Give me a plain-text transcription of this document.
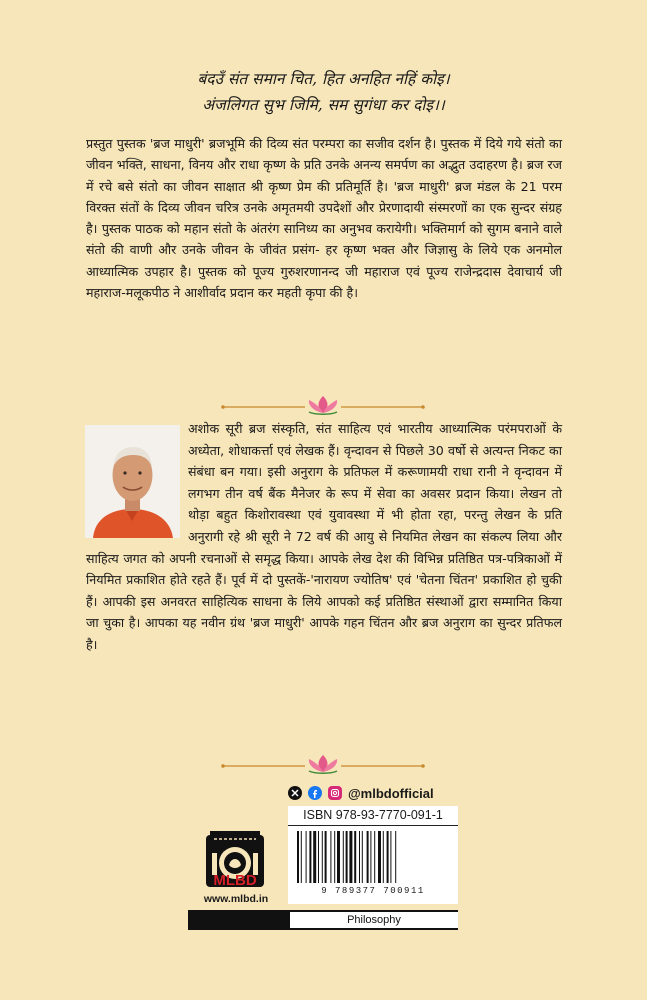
बंदउँ संत समान चित, हित अनहित नहिं कोइ।
अंजलिगत सुभ जिमि, सम सुगंधा कर दोइ।।
प्रस्तुत पुस्तक 'ब्रज माधुरी' ब्रजभूमि की दिव्य संत परम्परा का सजीव दर्शन है। पुस्तक में दिये गये संतो का जीवन भक्ति, साधना, विनय और राधा कृष्ण के प्रति उनके अनन्य समर्पण का अद्भुत उदाहरण है। ब्रज रज में रचे बसे संतो का जीवन साक्षात श्री कृष्ण प्रेम की प्रतिमूर्ति है। 'ब्रज माधुरी' ब्रज मंडल के 21 परम विरक्त संतों के दिव्य जीवन चरित्र उनके अमृतमयी उपदेशों और प्रेरणादायी संस्मरणों का एक सुन्दर संग्रह है। पुस्तक पाठक को महान संतो के अंतरंग सानिध्य का अनुभव करायेगी। भक्तिमार्ग को सुगम बनाने वाले संतो की वाणी और उनके जीवन के जीवंत प्रसंग- हर कृष्ण भक्त और जिज्ञासु के लिये एक अनमोल आध्यात्मिक उपहार है। पुस्तक को पूज्य गुरुशरणानन्द जी महाराज एवं पूज्य राजेन्द्रदास देवाचार्य जी महाराज-मलूकपीठ ने आशीर्वाद प्रदान कर महती कृपा की है।
अशोक सूरी ब्रज संस्कृति, संत साहित्य एवं भारतीय आध्यात्मिक परंमपराओं के अध्येता, शोधाकर्त्ता एवं लेखक हैं। वृन्दावन से पिछले 30 वर्षो से अत्यन्त निकट का संबंधा बन गया। इसी अनुराग के प्रतिफल में करूणामयी राधा रानी ने वृन्दावन में लगभग तीन वर्ष बैंक मैनेजर के रूप में सेवा का अवसर प्रदान किया। लेखन तो थोड़ा बहुत किशोरावस्था एवं युवावस्था में भी होता रहा, परन्तु लेखन के प्रति अनुरागी रहे श्री सूरी ने 72 वर्ष की आयु से नियमित लेखन का संकल्प लिया और साहित्य जगत को अपनी रचनाओं से समृद्ध किया। आपके लेख देश की विभिन्न प्रतिष्ठित पत्र-पत्रिकाओं में नियमित प्रकाशित होते रहते हैं। पूर्व में दो पुस्तकें-'नारायण ज्योतिष' एवं 'चेतना चिंतन' प्रकाशित हो चुकी हैं। आपकी इस अनवरत साहित्यिक साधना के लिये आपको कई प्रतिष्ठित संस्थाओं द्वारा सम्मानित किया जा चुका है। आपका यह नवीन ग्रंथ 'ब्रज माधुरी' आपके गहन चिंतन और ब्रज अनुराग का सुन्दर प्रतिफल है।
@mlbdofficial
MLBD
www.mlbd.in
ISBN 978-93-7770-091-1
9 789377 700911
Philosophy
